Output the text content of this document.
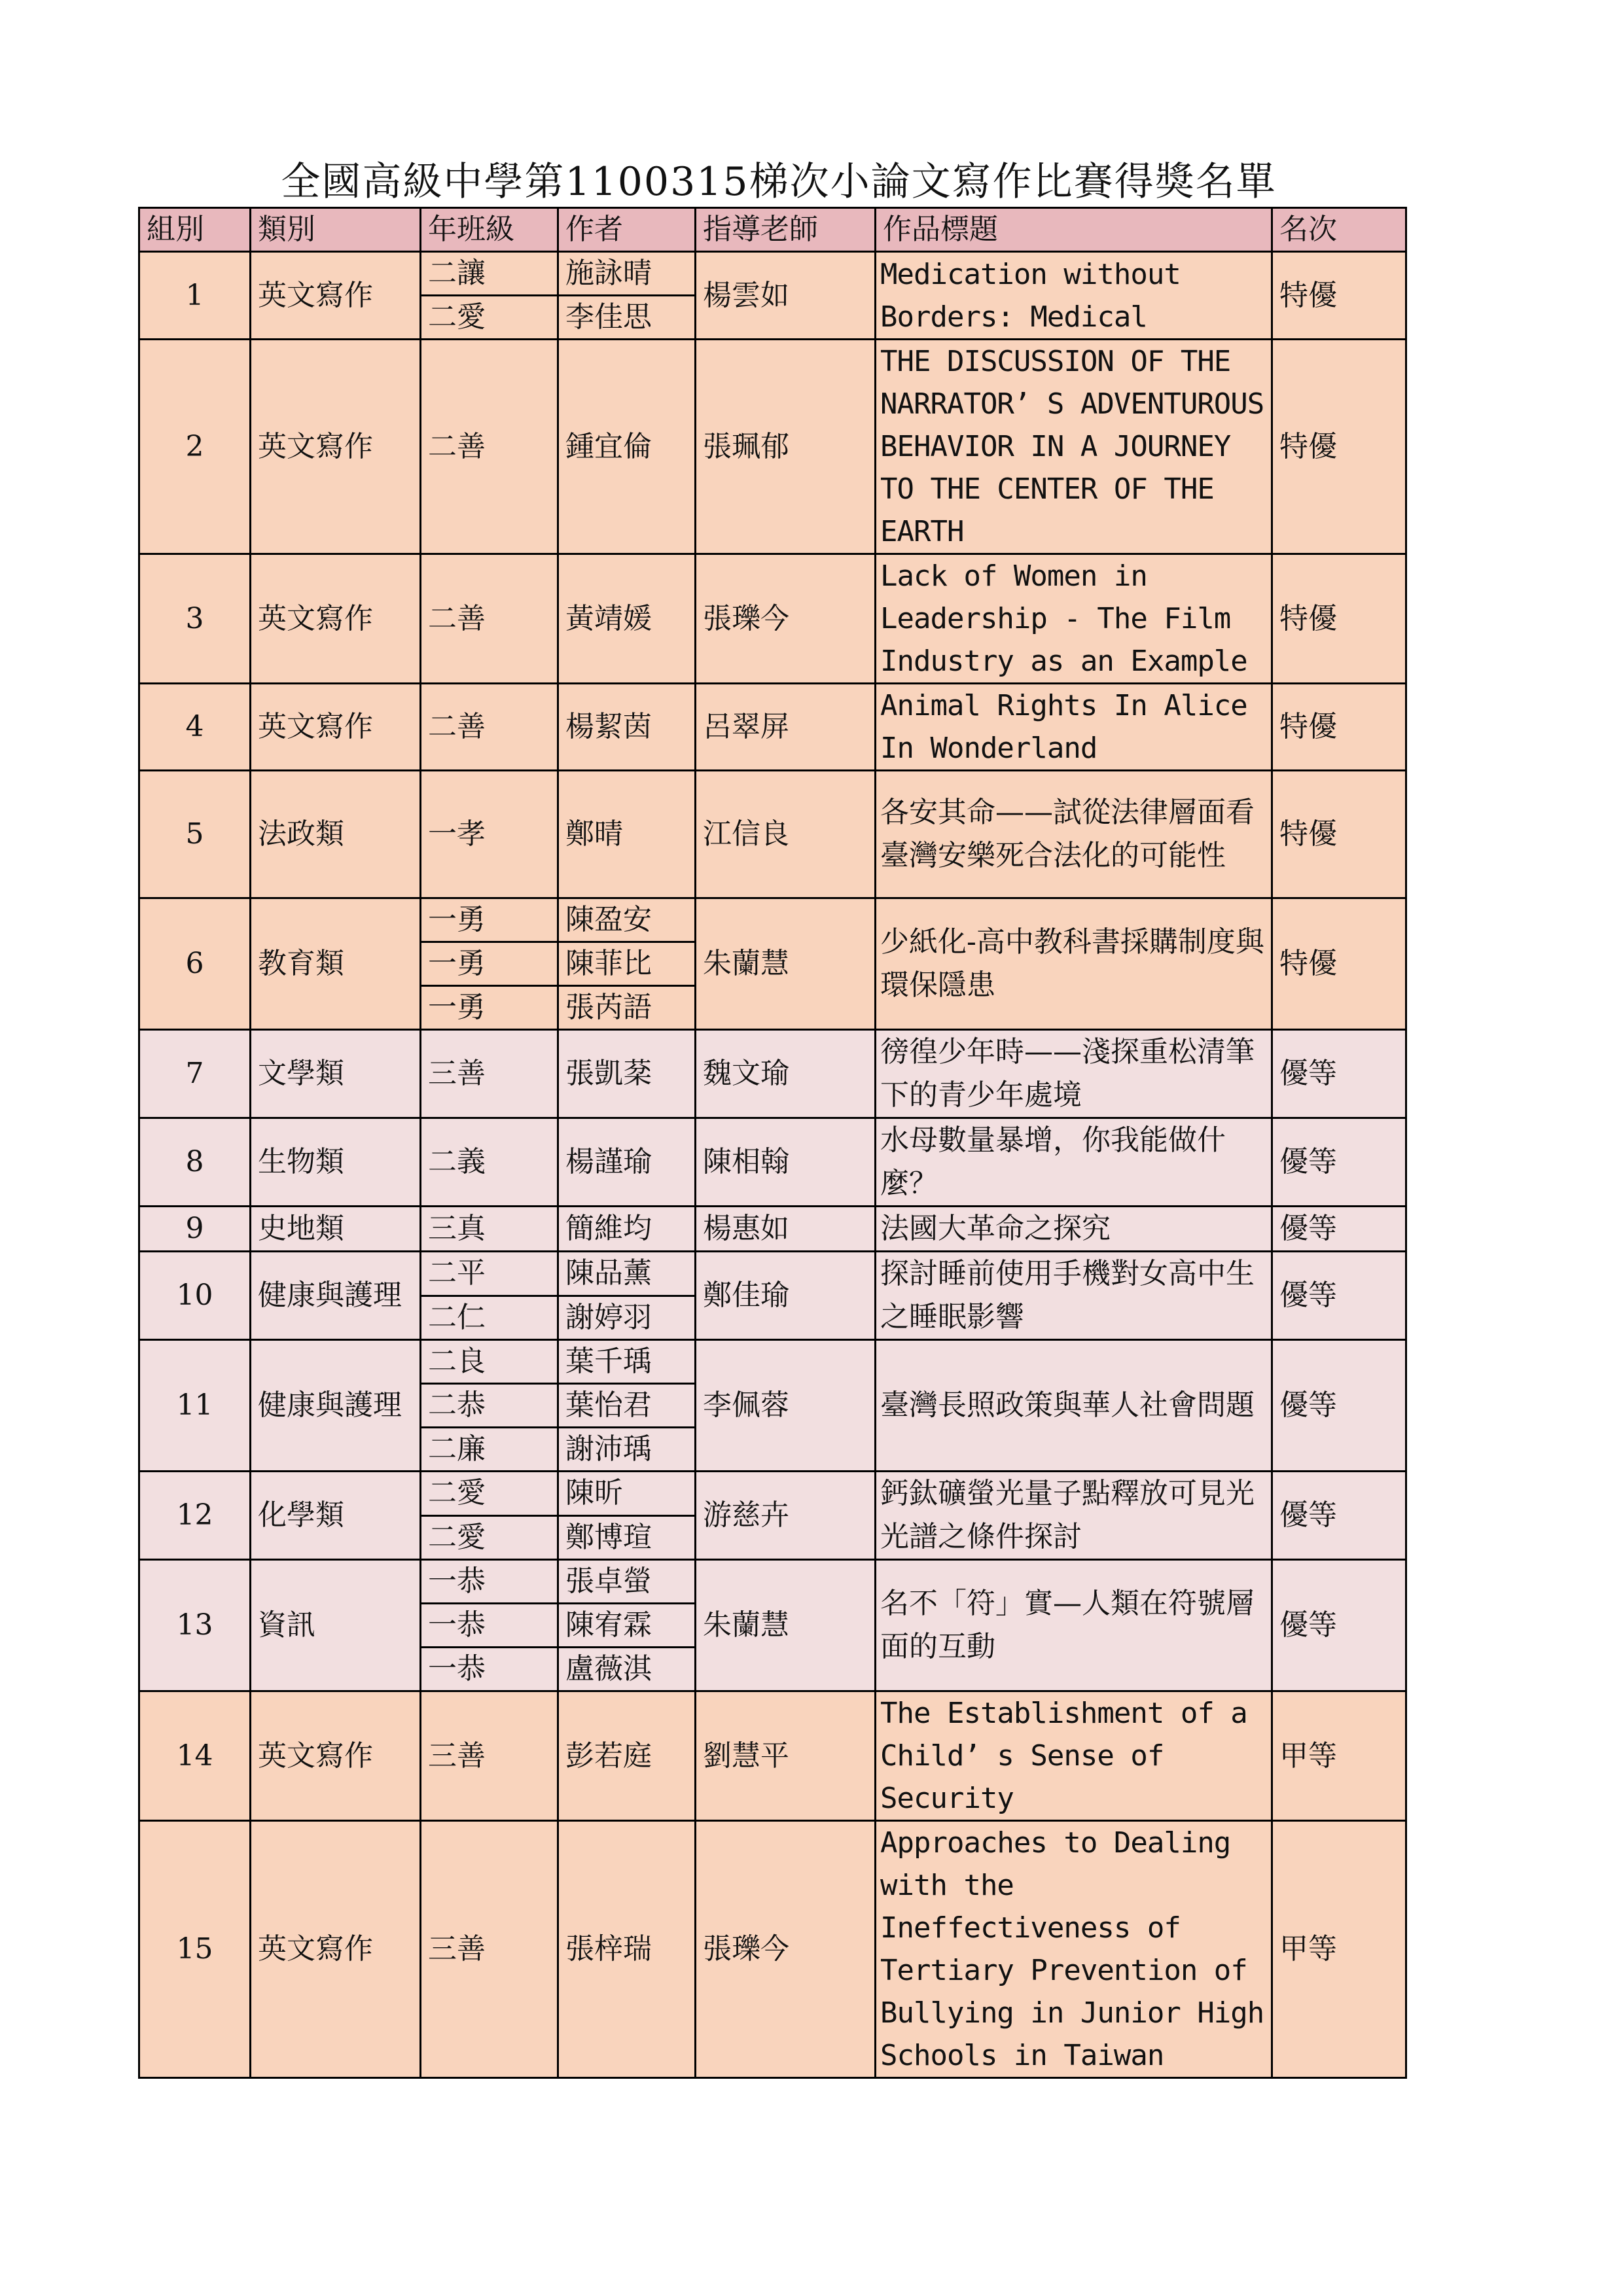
全國高級中學第1100315梯次小論文寫作比賽得獎名單
組別	類別	年班級	作者	指導老師	作品標題	名次
1	英文寫作	二讓	施詠晴	楊雲如	Medication without Borders: Medical	特優
		二愛	李佳思			
2	英文寫作	二善	鍾宜倫	張珮郁	THE DISCUSSION OF THE NARRATOR’ S ADVENTUROUS BEHAVIOR IN A JOURNEY TO THE CENTER OF THE EARTH	特優
3	英文寫作	二善	黃靖媛	張瓅今	Lack of Women in Leadership - The Film Industry as an Example	特優
4	英文寫作	二善	楊絜茵	呂翠屏	Animal Rights In Alice In Wonderland	特優
5	法政類	一孝	鄭晴	江信良	各安其命——試從法律層面看臺灣安樂死合法化的可能性	特優
6	教育類	一勇	陳盈安	朱蘭慧	少紙化-高中教科書採購制度與環保隱患	特優
		一勇	陳菲比			
		一勇	張芮語			
7	文學類	三善	張凱棻	魏文瑜	徬徨少年時——淺探重松清筆下的青少年處境	優等
8	生物類	二義	楊謹瑜	陳相翰	水母數量暴增，你我能做什麼？	優等
9	史地類	三真	簡維均	楊惠如	法國大革命之探究	優等
10	健康與護理	二平	陳品薰	鄭佳瑜	探討睡前使用手機對女高中生之睡眠影響	優等
		二仁	謝婷羽			
11	健康與護理	二良	葉千瑀	李佩蓉	臺灣長照政策與華人社會問題	優等
		二恭	葉怡君			
		二廉	謝沛瑀			
12	化學類	二愛	陳昕	游慈卉	鈣鈦礦螢光量子點釋放可見光光譜之條件探討	優等
		二愛	鄭博瑄			
13	資訊	一恭	張卓螢	朱蘭慧	名不「符」實—人類在符號層面的互動	優等
		一恭	陳宥霖			
		一恭	盧薇淇			
14	英文寫作	三善	彭若庭	劉慧平	The Establishment of a Child’ s Sense of Security	甲等
15	英文寫作	三善	張梓瑞	張瓅今	Approaches to Dealing with the Ineffectiveness of Tertiary Prevention of Bullying in Junior High Schools in Taiwan	甲等
